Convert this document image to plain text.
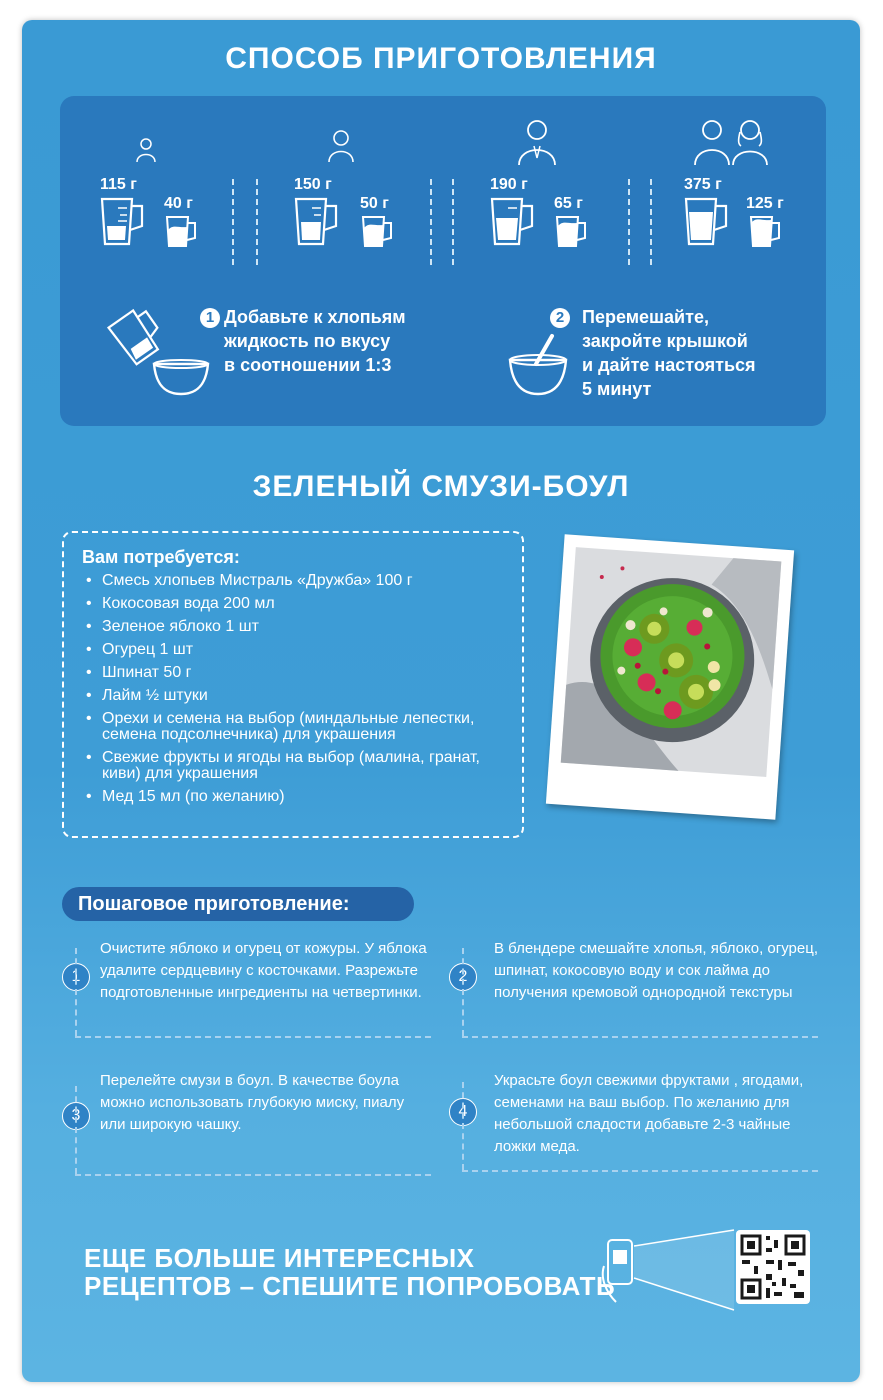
СПОСОБ ПРИГОТОВЛЕНИЯ
115 г
40 г
150 г
50 г
190 г
65 г
375 г
125 г
1 Добавьте к хлопьям
жидкость по вкусу
в соотношении 1:3
2 Перемешайте,
закройте крышкой
и дайте настояться
5 минут
ЗЕЛЕНЫЙ СМУЗИ-БОУЛ
Вам потребуется:
• Смесь хлопьев Мистраль «Дружба» 100 г
• Кокосовая вода 200 мл
• Зеленое яблоко 1 шт
• Огурец 1 шт
• Шпинат 50 г
• Лайм ½ штуки
• Орехи и семена на выбор (миндальные лепестки, семена подсолнечника) для украшения
• Свежие фрукты и ягоды на выбор (малина, гранат, киви) для украшения
• Мед 15 мл (по желанию)
Пошаговое приготовление:
1
Очистите яблоко и огурец от кожуры. У яблока удалите сердцевину с косточками. Разрежьте подготовленные ингредиенты на четвертинки.
2
В блендере смешайте хлопья, яблоко, огурец, шпинат, кокосовую воду и сок лайма до получения кремовой однородной текстуры
3
Перелейте смузи в боул. В качестве боула можно использовать глубокую миску, пиалу или широкую чашку.
4
Украсьте боул свежими фруктами , ягодами, семенами на ваш выбор. По желанию для небольшой сладости добавьте 2-3 чайные ложки меда.
ЕЩЕ БОЛЬШЕ ИНТЕРЕСНЫХ
РЕЦЕПТОВ – СПЕШИТЕ ПОПРОБОВАТЬ
